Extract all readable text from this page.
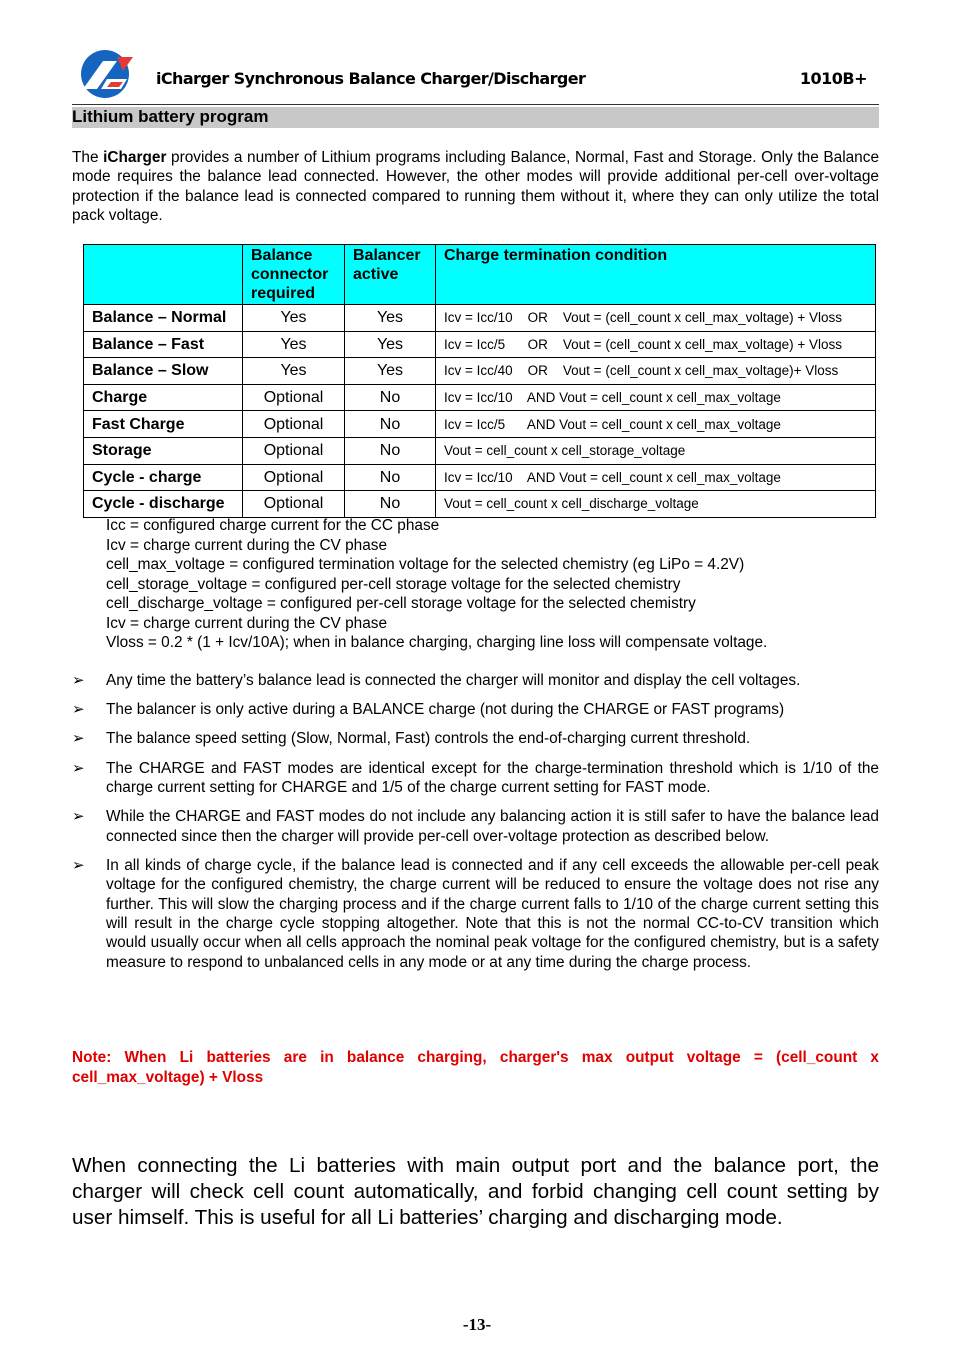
iCharger Synchronous Balance Charger/Discharger	1010B+
Lithium battery program

The iCharger provides a number of Lithium programs including Balance, Normal, Fast and Storage. Only the Balance mode requires the balance lead connected. However, the other modes will provide additional per-cell over-voltage protection if the balance lead is connected compared to running them without it, where they can only utilize the total pack voltage.

	Balance connector required	Balancer active	Charge termination condition
Balance – Normal	Yes	Yes	Icv = Icc/10    OR    Vout = (cell_count x cell_max_voltage) + Vloss
Balance – Fast	Yes	Yes	Icv = Icc/5      OR    Vout = (cell_count x cell_max_voltage) + Vloss
Balance – Slow	Yes	Yes	Icv = Icc/40    OR    Vout = (cell_count x cell_max_voltage)+ Vloss
Charge	Optional	No	Icv = Icc/10    AND Vout = cell_count x cell_max_voltage
Fast Charge	Optional	No	Icv = Icc/5      AND Vout = cell_count x cell_max_voltage
Storage	Optional	No	Vout = cell_count x cell_storage_voltage
Cycle - charge	Optional	No	Icv = Icc/10    AND Vout = cell_count x cell_max_voltage
Cycle - discharge	Optional	No	Vout = cell_count x cell_discharge_voltage
Icc = configured charge current for the CC phase
Icv = charge current during the CV phase
cell_max_voltage = configured termination voltage for the selected chemistry (eg LiPo = 4.2V)
cell_storage_voltage = configured per-cell storage voltage for the selected chemistry
cell_discharge_voltage = configured per-cell storage voltage for the selected chemistry
Icv = charge current during the CV phase
Vloss = 0.2 * (1 + Icv/10A); when in balance charging, charging line loss will compensate voltage.
➢ Any time the battery’s balance lead is connected the charger will monitor and display the cell voltages.
➢ The balancer is only active during a BALANCE charge (not during the CHARGE or FAST programs)
➢ The balance speed setting (Slow, Normal, Fast) controls the end-of-charging current threshold.
➢ The CHARGE and FAST modes are identical except for the charge-termination threshold which is 1/10 of the charge current setting for CHARGE and 1/5 of the charge current setting for FAST mode.
➢ While the CHARGE and FAST modes do not include any balancing action it is still safer to have the balance lead connected since then the charger will provide per-cell over-voltage protection as described below.
➢ In all kinds of charge cycle, if the balance lead is connected and if any cell exceeds the allowable per-cell peak voltage for the configured chemistry, the charge current will be reduced to ensure the voltage does not rise any further. This will slow the charging process and if the charge current falls to 1/10 of the charge current setting this will result in the charge cycle stopping altogether. Note that this is not the normal CC-to-CV transition which would usually occur when all cells approach the nominal peak voltage for the configured chemistry, but is a safety measure to respond to unbalanced cells in any mode or at any time during the charge process.
Note: When Li batteries are in balance charging, charger's max output voltage = (cell_count x cell_max_voltage) + Vloss
When connecting the Li batteries with main output port and the balance port, the charger will check cell count automatically, and forbid changing cell count setting by user himself. This is useful for all Li batteries’ charging and discharging mode.
-13-
